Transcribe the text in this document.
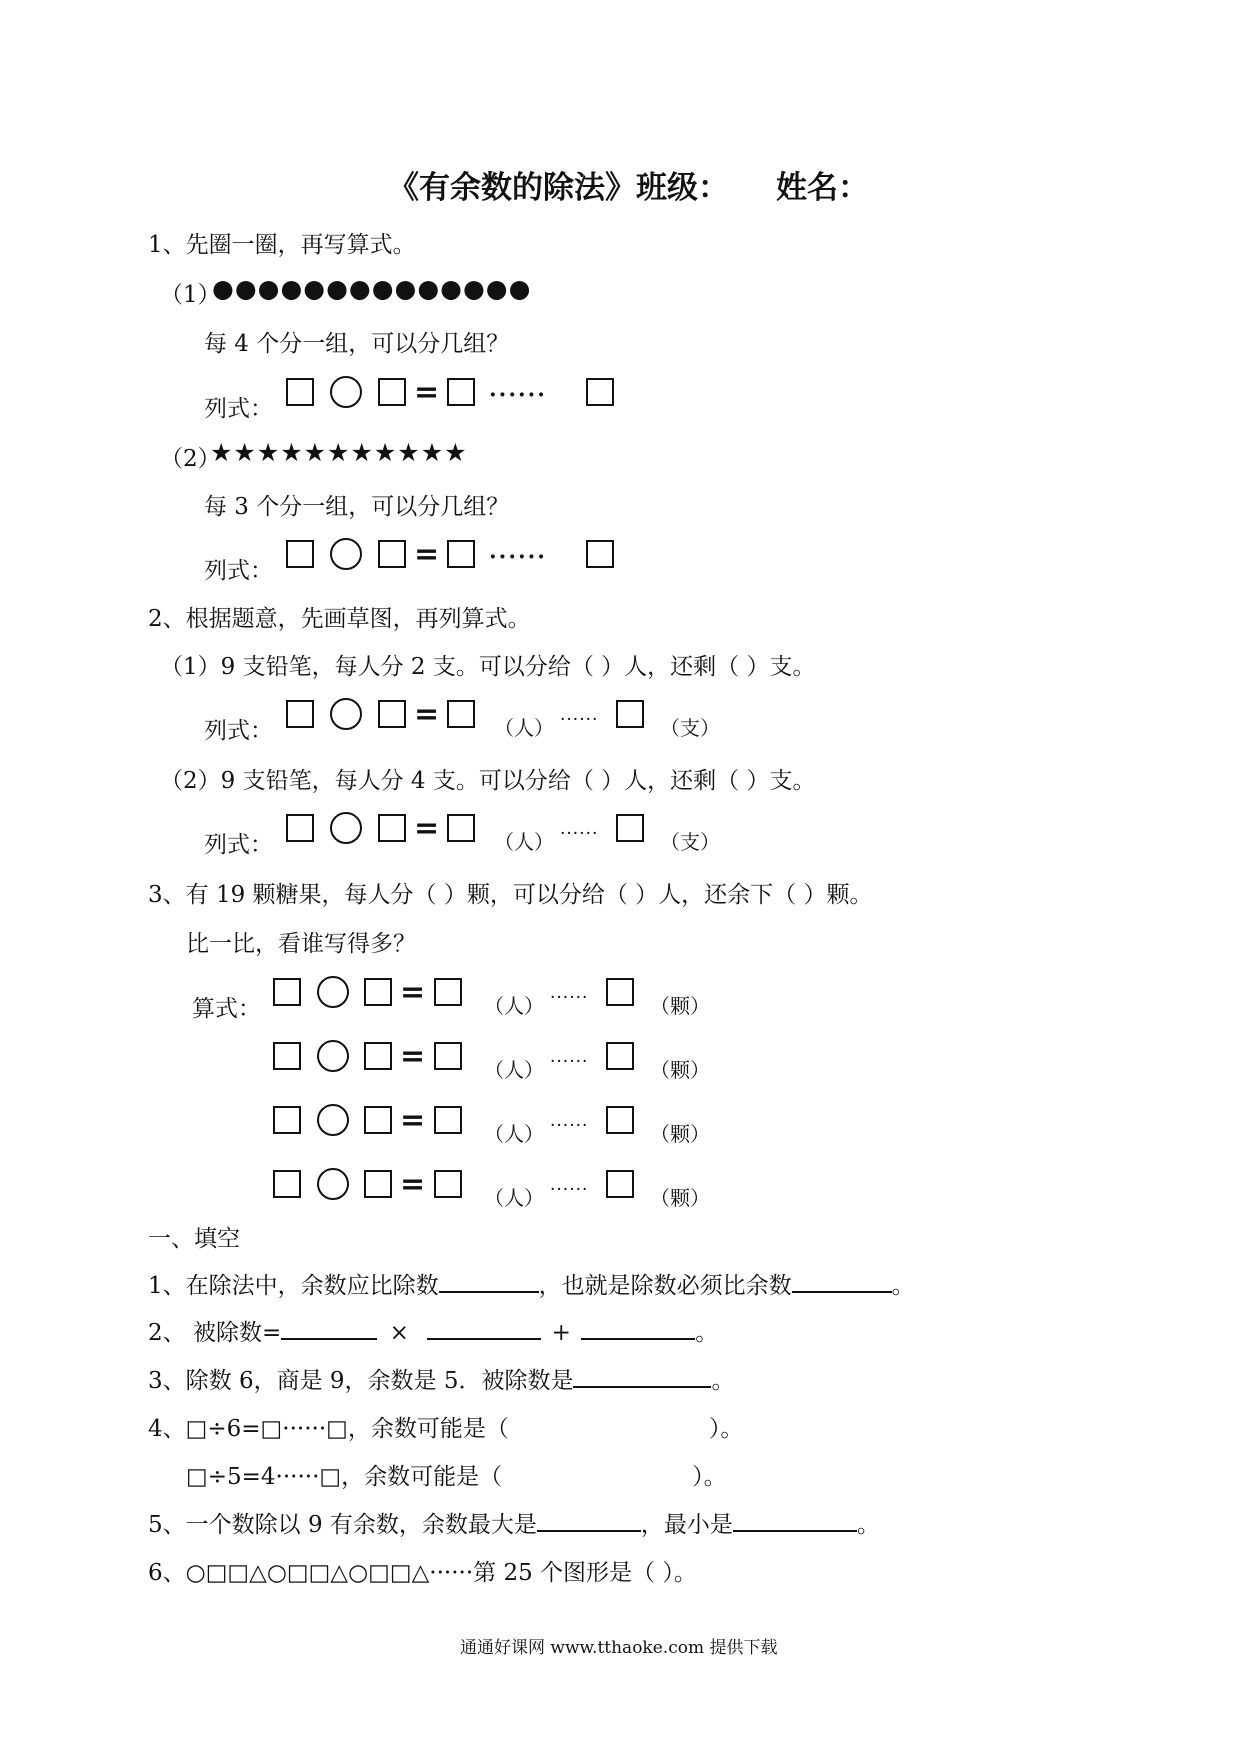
《有余数的除法》班级： 姓名：
1、先圈一圈，再写算式。
（1）
●●●●●●●●●●●●●●
每 4 个分一组，可以分几组？
列式：	= ······
（2）
★★★★★★★★★★★
每 3 个分一组，可以分几组？
列式：	= ······
2、根据题意，先画草图，再列算式。
（1）9 支铅笔，每人分 2 支。可以分给（ ）人，还剩（ ）支。
列式：	=	（人） ······	（支）
（2）9 支铅笔，每人分 4 支。可以分给（ ）人，还剩（ ）支。
列式：	=	（人） ······	（支）
3、有 19 颗糖果，每人分（ ）颗，可以分给（ ）人，还余下（ ）颗。
比一比，看谁写得多？
算式：	=	（人） ······	（颗）
=	（人） ······	（颗）
=	（人） ······	（颗）
=	（人） ······	（颗）
一、填空
1、在除法中，余数应比除数	，也就是除数必须比余数	。
2、 被除数=	×	+	。
3、除数 6，商是 9，余数是 5．被除数是	。
4、□÷6=□······□，余数可能是（	）。
□÷5=4······□，余数可能是（	）。
5、一个数除以 9 有余数，余数最大是	，最小是	。
6、○□□△○□□△○□□△······第 25 个图形是（ ）。
通通好课网 www.tthaoke.com 提供下载
